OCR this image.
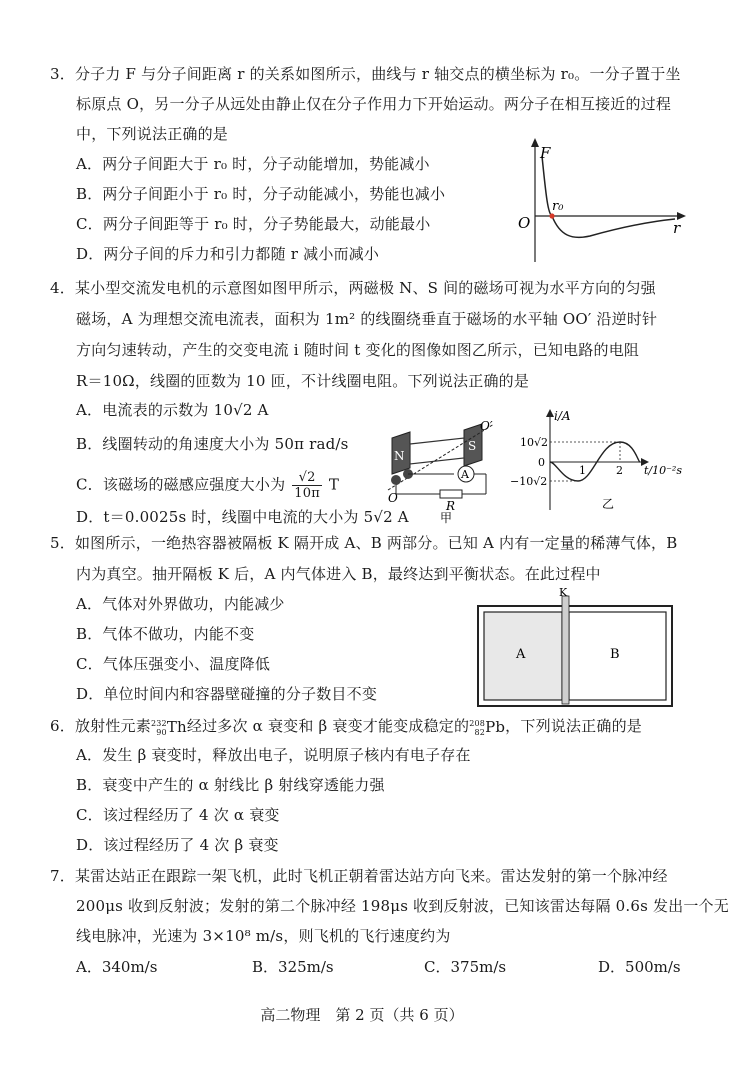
3．分子力 F 与分子间距离 r 的关系如图所示，曲线与 r 轴交点的横坐标为 r₀。一分子置于坐
标原点 O，另一分子从远处由静止仅在分子作用力下开始运动。两分子在相互接近的过程
中，下列说法正确的是
A．两分子间距大于 r₀ 时，分子动能增加，势能减小
B．两分子间距小于 r₀ 时，分子动能减小，势能也减小
C．两分子间距等于 r₀ 时，分子势能最大，动能最小
D．两分子间的斥力和引力都随 r 减小而减小
F
O
r₀
r
4．某小型交流发电机的示意图如图甲所示，两磁极 N、S 间的磁场可视为水平方向的匀强
磁场，A 为理想交流电流表，面积为 1m² 的线圈绕垂直于磁场的水平轴 OO′ 沿逆时针
方向匀速转动，产生的交变电流 i 随时间 t 变化的图像如图乙所示，已知电路的电阻
R＝10Ω，线圈的匝数为 10 匝，不计线圈电阻。下列说法正确的是
A．电流表的示数为 10√2 A
B．线圈转动的角速度大小为 50π rad/s
C．该磁场的磁感应强度大小为 $\frac{√2}{10\pi}$ T
D．t＝0.0025s 时，线圈中电流的大小为 5√2 A
N
S
O′
O
A
R
甲
i/A
10√2
0
−10√2
1	2 t/10⁻²s
乙
5．如图所示，一绝热容器被隔板 K 隔开成 A、B 两部分。已知 A 内有一定量的稀薄气体，B
内为真空。抽开隔板 K 后，A 内气体进入 B，最终达到平衡状态。在此过程中
A．气体对外界做功，内能减少
B．气体不做功，内能不变
C．气体压强变小、温度降低
D．单位时间内和容器壁碰撞的分子数目不变
K
A	B
6．放射性元素 232
90 Th经过多次 α 衰变和 β 衰变才能变成稳定的 208
82 Pb，下列说法正确的是
A．发生 β 衰变时，释放出电子，说明原子核内有电子存在
B．衰变中产生的 α 射线比 β 射线穿透能力强
C．该过程经历了 4 次 α 衰变
D．该过程经历了 4 次 β 衰变
7．某雷达站正在跟踪一架飞机，此时飞机正朝着雷达站方向飞来。雷达发射的第一个脉冲经
200μs 收到反射波；发射的第二个脉冲经 198μs 收到反射波，已知该雷达每隔 0.6s 发出一个无
线电脉冲，光速为 3×10⁸ m/s，则飞机的飞行速度约为
A．340m/s	B．325m/s	C．375m/s	D．500m/s
高二物理　第 2 页（共 6 页）
